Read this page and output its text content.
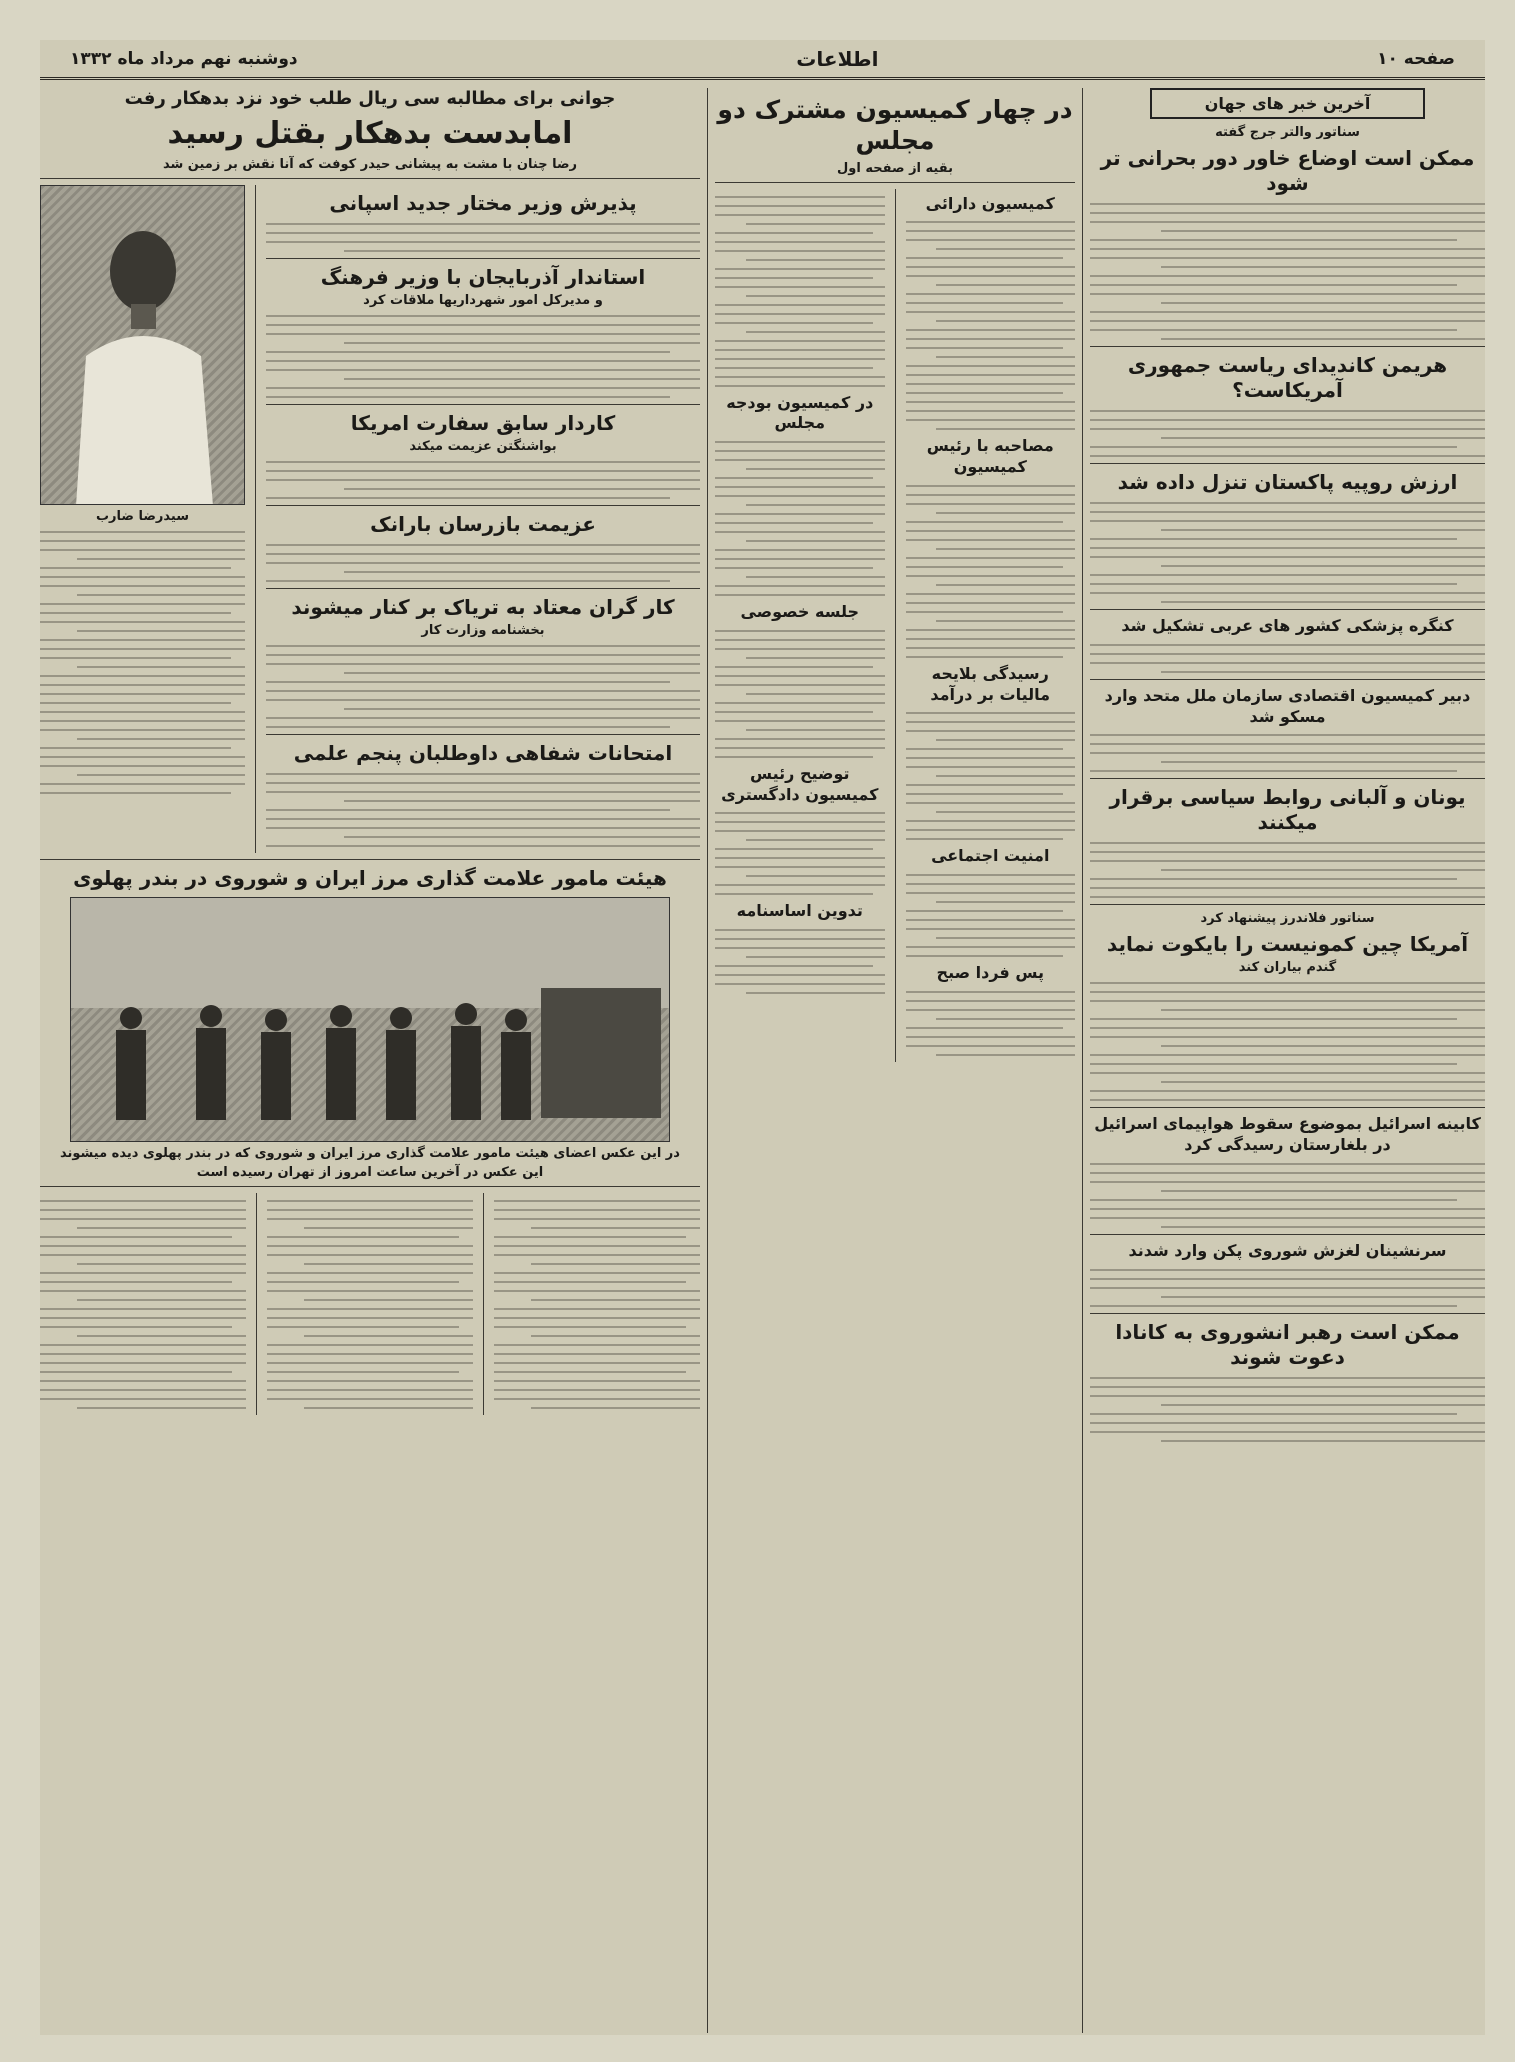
صفحه ۱۰
اطلاعات
دوشنبه نهم مرداد ماه ۱۳۳۲
آخرین خبر های جهان
سناتور والتر جرج گفته
ممکن است اوضاع خاور دور بحرانی تر شود
هریمن کاندیدای ریاست جمهوری آمریکاست؟
ارزش روپیه پاکستان تنزل داده شد
کنگره پزشکی کشور های عربی تشکیل شد
دبیر کمیسیون اقتصادی سازمان ملل متحد وارد مسکو شد
یونان و آلبانی روابط سیاسی برقرار میکنند
سناتور فلاندرز پیشنهاد کرد
آمریکا چین کمونیست را بایکوت نماید
گندم بیاران کند
کابینه اسرائیل بموضوع سقوط هواپیمای اسرائیل در بلغارستان رسیدگی کرد
سرنشینان لغزش شوروی پکن وارد شدند
ممکن است رهبر انشوروی به کانادا دعوت شوند
در چهار کمیسیون مشترک دو مجلس
بقیه از صفحه اول
کمیسیون دارائی
مصاحبه با رئیس کمیسیون
رسیدگی بلایحه مالیات بر درآمد
امنیت اجتماعی
پس فردا صبح
در کمیسیون بودجه مجلس
جلسه خصوصی
توضیح رئیس کمیسیون دادگستری
تدوین اساسنامه
جوانی برای مطالبه سی ریال طلب خود نزد بدهکار رفت
امابدست بدهکار بقتل رسید
رضا چنان با مشت به پیشانی حیدر کوفت که آنا نقش بر زمین شد
پذیرش وزیر مختار جدید اسپانی
استاندار آذربایجان با وزیر فرهنگ
و مدیرکل امور شهرداریها ملاقات کرد
کاردار سابق سفارت امریکا
بواشنگتن عزیمت میکند
عزیمت بازرسان بارانک
کار گران معتاد به تریاک بر کنار میشوند
بخشنامه وزارت کار
امتحانات شفاهی داوطلبان پنجم علمی
سیدرضا ضارب
هیئت مامور علامت گذاری مرز ایران و شوروی در بندر پهلوی
در این عکس اعضای هیئت مامور علامت گذاری مرز ایران و شوروی که در بندر پهلوی دیده میشوند
این عکس در آخرین ساعت امروز از تهران رسیده است
